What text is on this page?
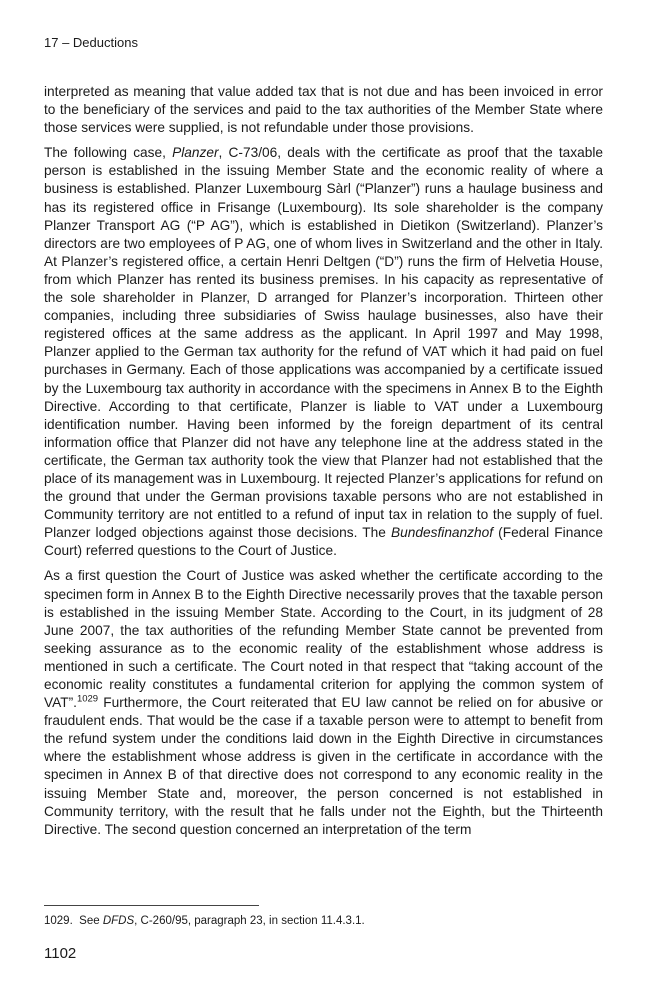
17 – Deductions

interpreted as meaning that value added tax that is not due and has been invoiced in error to the beneficiary of the services and paid to the tax authorities of the Member State where those services were supplied, is not refundable under those provisions.

The following case, Planzer, C-73/06, deals with the certificate as proof that the taxable person is established in the issuing Member State and the economic reality of where a business is established. Planzer Luxembourg Sàrl (“Planzer”) runs a haulage business and has its registered office in Frisange (Luxembourg). Its sole shareholder is the company Planzer Transport AG (“P AG”), which is established in Dietikon (Switzerland). Planzer’s directors are two employees of P AG, one of whom lives in Switzerland and the other in Italy. At Planzer’s registered office, a certain Henri Deltgen (“D”) runs the firm of Helvetia House, from which Planzer has rented its business premises. In his capacity as representative of the sole shareholder in Planzer, D arranged for Planzer’s incorporation. Thirteen other companies, including three subsidiaries of Swiss haulage businesses, also have their registered offices at the same address as the applicant. In April 1997 and May 1998, Planzer applied to the German tax authority for the refund of VAT which it had paid on fuel purchases in Germany. Each of those applications was accompanied by a certificate issued by the Luxembourg tax authority in accordance with the specimens in Annex B to the Eighth Directive. According to that certificate, Planzer is liable to VAT under a Luxembourg identification number. Having been informed by the foreign department of its central information office that Planzer did not have any telephone line at the address stated in the certificate, the German tax authority took the view that Planzer had not established that the place of its management was in Luxembourg. It rejected Planzer’s applications for refund on the ground that under the German provisions taxable persons who are not established in Community territory are not entitled to a refund of input tax in relation to the supply of fuel. Planzer lodged objections against those decisions. The Bundesfinanzhof (Federal Finance Court) referred questions to the Court of Justice.

As a first question the Court of Justice was asked whether the certificate according to the specimen form in Annex B to the Eighth Directive necessarily proves that the taxable person is established in the issuing Member State. According to the Court, in its judgment of 28 June 2007, the tax authorities of the refunding Member State cannot be prevented from seeking assurance as to the economic reality of the establishment whose address is mentioned in such a certificate. The Court noted in that respect that “taking account of the economic reality constitutes a fundamental criterion for applying the common system of VAT”.$^{1029}$ Furthermore, the Court reiterated that EU law cannot be relied on for abusive or fraudulent ends. That would be the case if a taxable person were to attempt to benefit from the refund system under the conditions laid down in the Eighth Directive in circumstances where the establishment whose address is given in the certificate in accordance with the specimen in Annex B of that directive does not correspond to any economic reality in the issuing Member State and, moreover, the person concerned is not established in Community territory, with the result that he falls under not the Eighth, but the Thirteenth Directive. The second question concerned an interpretation of the term

1029. See DFDS, C-260/95, paragraph 23, in section 11.4.3.1.
1102
